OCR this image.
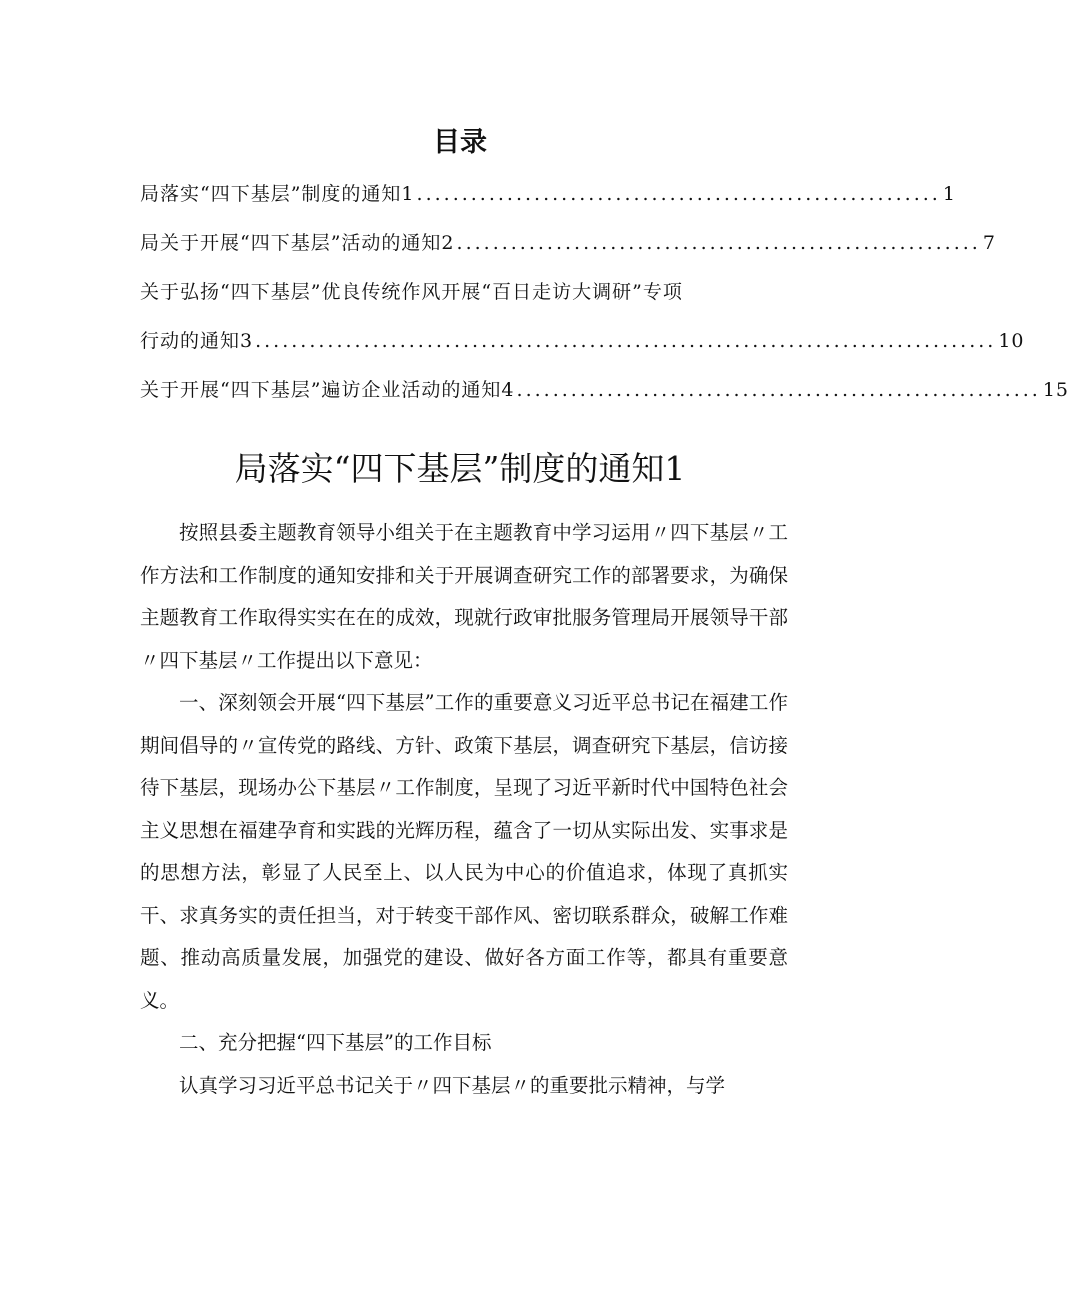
目录
局落实“四下基层”制度的通知1 .......................................................... 1
局关于开展“四下基层”活动的通知2 .......................................................... 7
关于弘扬“四下基层”优良传统作风开展“百日走访大调研”专项
行动的通知3 .................................................................................. 10
关于开展“四下基层”遍访企业活动的通知4 .......................................................... 15
局落实“四下基层”制度的通知1

按照县委主题教育领导小组关于在主题教育中学习运用〃四下基层〃工作方法和工作制度的通知安排和关于开展调查研究工作的部署要求，为确保主题教育工作取得实实在在的成效，现就行政审批服务管理局开展领导干部〃四下基层〃工作提出以下意见：

一、深刻领会开展“四下基层”工作的重要意义习近平总书记在福建工作期间倡导的〃宣传党的路线、方针、政策下基层，调查研究下基层，信访接待下基层，现场办公下基层〃工作制度，呈现了习近平新时代中国特色社会主义思想在福建孕育和实践的光辉历程，蕴含了一切从实际出发、实事求是的思想方法，彰显了人民至上、以人民为中心的价值追求，体现了真抓实干、求真务实的责任担当，对于转变干部作风、密切联系群众，破解工作难题、推动高质量发展，加强党的建设、做好各方面工作等，都具有重要意义。

二、充分把握“四下基层”的工作目标

认真学习习近平总书记关于〃四下基层〃的重要批示精神，与学
